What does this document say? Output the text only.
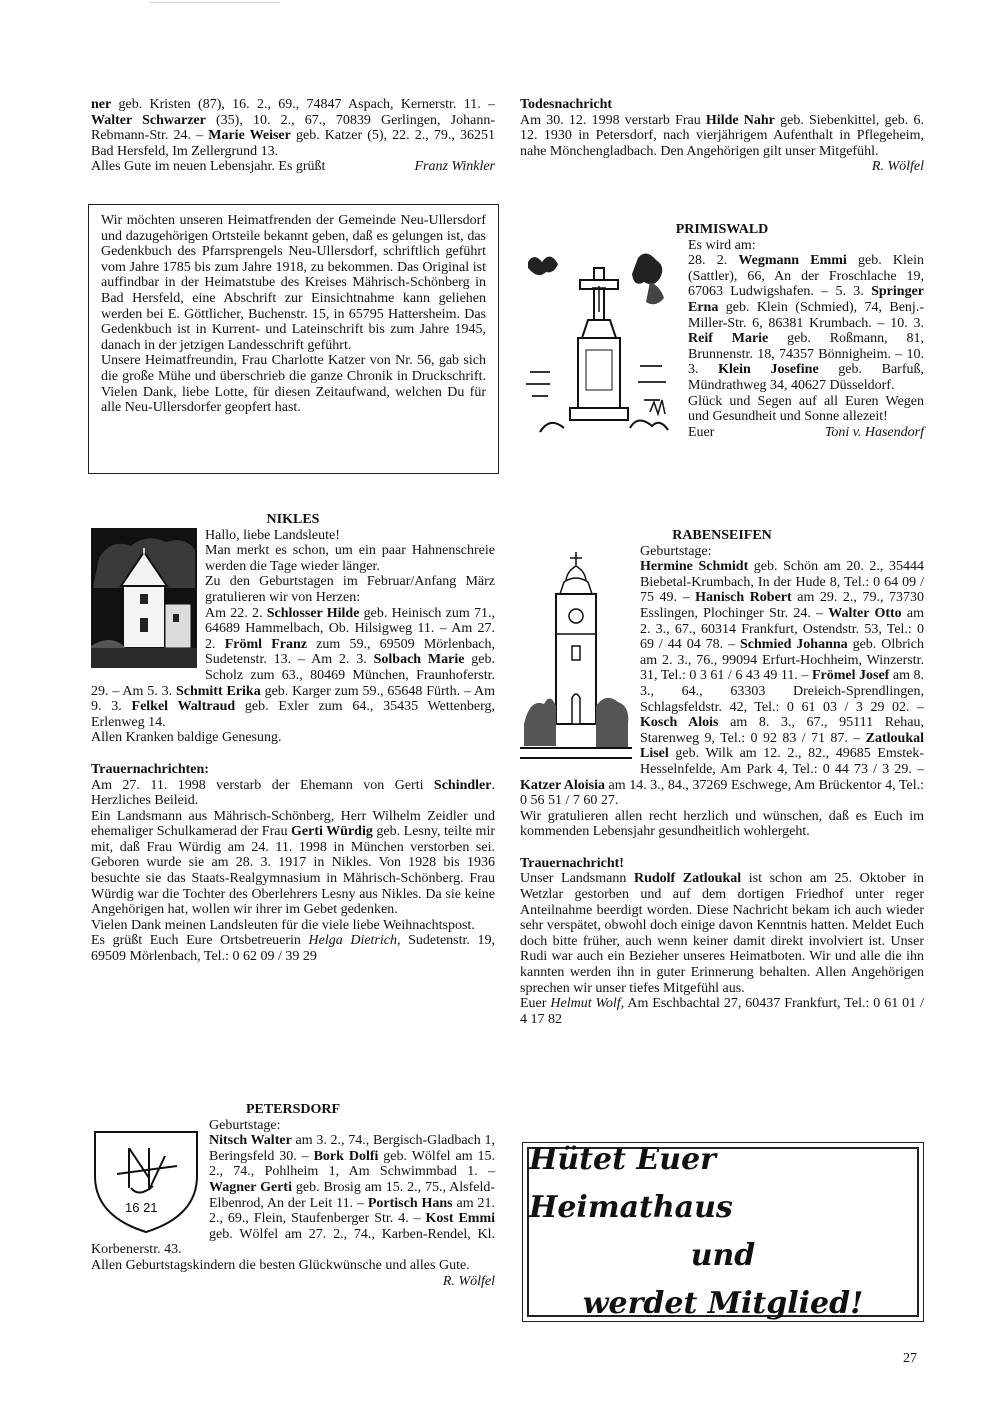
ner geb. Kristen (87), 16. 2., 69., 74847 Aspach, Kernerstr. 11. – Walter Schwarzer (35), 10. 2., 67., 70839 Gerlingen, Johann-Rebmann-Str. 24. – Marie Weiser geb. Katzer (5), 22. 2., 79., 36251 Bad Hersfeld, Im Zellergrund 13.

Alles Gute im neuen Lebensjahr. Es grüßt	Franz Winkler

Wir möchten unseren Heimatfrenden der Gemeinde Neu-Ullersdorf und dazugehörigen Ortsteile bekannt geben, daß es gelungen ist, das Gedenkbuch des Pfarrsprengels Neu-Ullersdorf, schriftlich geführt vom Jahre 1785 bis zum Jahre 1918, zu bekommen. Das Original ist auffindbar in der Heimatstube des Kreises Mährisch-Schönberg in Bad Hersfeld, eine Abschrift zur Einsichtnahme kann geliehen werden bei E. Göttlicher, Buchenstr. 15, in 65795 Hattersheim. Das Gedenkbuch ist in Kurrent- und Lateinschrift bis zum Jahre 1945, danach in der jetzigen Landesschrift geführt.

Unsere Heimatfreundin, Frau Charlotte Katzer von Nr. 56, gab sich die große Mühe und überschrieb die ganze Chronik in Druckschrift. Vielen Dank, liebe Lotte, für diesen Zeitaufwand, welchen Du für alle Neu-Ullersdorfer geopfert hast.

NIKLES

Hallo, liebe Landsleute!

Man merkt es schon, um ein paar Hahnenschreie werden die Tage wieder länger.

Zu den Geburtstagen im Februar/Anfang März gratulieren wir von Herzen:

Am 22. 2. Schlosser Hilde geb. Heinisch zum 71., 64689 Hammelbach, Ob. Hilsigweg 11. – Am 27. 2. Fröml Franz zum 59., 69509 Mörlenbach, Sudetenstr. 13. – Am 2. 3. Solbach Marie geb. Scholz zum 63., 80469 München, Fraunhoferstr. 29. – Am 5. 3. Schmitt Erika geb. Karger zum 59., 65648 Fürth. – Am 9. 3. Felkel Waltraud geb. Exler zum 64., 35435 Wettenberg, Erlenweg 14.

Allen Kranken baldige Genesung.

Trauernachrichten:

Am 27. 11. 1998 verstarb der Ehemann von Gerti Schindler. Herzliches Beileid.

Ein Landsmann aus Mährisch-Schönberg, Herr Wilhelm Zeidler und ehemaliger Schulkamerad der Frau Gerti Würdig geb. Lesny, teilte mir mit, daß Frau Würdig am 24. 11. 1998 in München verstorben sei. Geboren wurde sie am 28. 3. 1917 in Nikles. Von 1928 bis 1936 besuchte sie das Staats-Realgymnasium in Mährisch-Schönberg. Frau Würdig war die Tochter des Oberlehrers Lesny aus Nikles. Da sie keine Angehörigen hat, wollen wir ihrer im Gebet gedenken.

Vielen Dank meinen Landsleuten für die viele liebe Weihnachtspost.

Es grüßt Euch Eure Ortsbetreuerin Helga Dietrich, Sudetenstr. 19, 69509 Mörlenbach, Tel.: 0 62 09 / 39 29

PETERSDORF

16 21

Geburtstage:

Nitsch Walter am 3. 2., 74., Bergisch-Gladbach 1, Beringsfeld 30. – Bork Dolfi geb. Wölfel am 15. 2., 74., Pohlheim 1, Am Schwimmbad 1. – Wagner Gerti geb. Brosig am 15. 2., 75., Alsfeld-Elbenrod, An der Leit 11. – Portisch Hans am 21. 2., 69., Flein, Staufenberger Str. 4. – Kost Emmi geb. Wölfel am 27. 2., 74., Karben-Rendel, Kl. Korbenerstr. 43.

Allen Geburtstagskindern die besten Glückwünsche und alles Gute.

R. Wölfel

Todesnachricht

Am 30. 12. 1998 verstarb Frau Hilde Nahr geb. Siebenkittel, geb. 6. 12. 1930 in Petersdorf, nach vierjährigem Aufenthalt in Pflegeheim, nahe Mönchengladbach. Den Angehörigen gilt unser Mitgefühl.

R. Wölfel

PRIMISWALD

Es wird am:

28. 2. Wegmann Emmi geb. Klein (Sattler), 66, An der Froschlache 19, 67063 Ludwigshafen. – 5. 3. Springer Erna geb. Klein (Schmied), 74, Benj.-Miller-Str. 6, 86381 Krumbach. – 10. 3. Reif Marie geb. Roßmann, 81, Brunnenstr. 18, 74357 Bönnigheim. – 10. 3. Klein Josefine geb. Barfuß, Mündrathweg 34, 40627 Düsseldorf.

Glück und Segen auf all Euren Wegen und Gesundheit und Sonne allezeit!

Euer	Toni v. Hasendorf

RABENSEIFEN

Geburtstage:

Hermine Schmidt geb. Schön am 20. 2., 35444 Biebetal-Krumbach, In der Hude 8, Tel.: 0 64 09 / 75 49. – Hanisch Robert am 29. 2., 79., 73730 Esslingen, Plochinger Str. 24. – Walter Otto am 2. 3., 67., 60314 Frankfurt, Ostendstr. 53, Tel.: 0 69 / 44 04 78. – Schmied Johanna geb. Olbrich am 2. 3., 76., 99094 Erfurt-Hochheim, Winzerstr. 31, Tel.: 0 3 61 / 6 43 49 11. – Frömel Josef am 8. 3., 64., 63303 Dreieich-Sprendlingen, Schlagsfeldstr. 42, Tel.: 0 61 03 / 3 29 02. – Kosch Alois am 8. 3., 67., 95111 Rehau, Starenweg 9, Tel.: 0 92 83 / 71 87. – Zatloukal Lisel geb. Wilk am 12. 2., 82., 49685 Emstek-Hesselnfelde, Am Park 4, Tel.: 0 44 73 / 3 29. – Katzer Aloisia am 14. 3., 84., 37269 Eschwege, Am Brückentor 4, Tel.: 0 56 51 / 7 60 27.

Wir gratulieren allen recht herzlich und wünschen, daß es Euch im kommenden Lebensjahr gesundheitlich wohlergeht.

Trauernachricht!

Unser Landsmann Rudolf Zatloukal ist schon am 25. Oktober in Wetzlar gestorben und auf dem dortigen Friedhof unter reger Anteilnahme beerdigt worden. Diese Nachricht bekam ich auch wieder sehr verspätet, obwohl doch einige davon Kenntnis hatten. Meldet Euch doch bitte früher, auch wenn keiner damit direkt involviert ist. Unser Rudi war auch ein Bezieher unseres Heimatboten. Wir und alle die ihn kannten werden ihn in guter Erinnerung behalten. Allen Angehörigen sprechen wir unser tiefes Mitgefühl aus.

Euer Helmut Wolf, Am Eschbachtal 27, 60437 Frankfurt, Tel.: 0 61 01 / 4 17 82

Hütet Euer Heimathaus
und
werdet Mitglied!
27
